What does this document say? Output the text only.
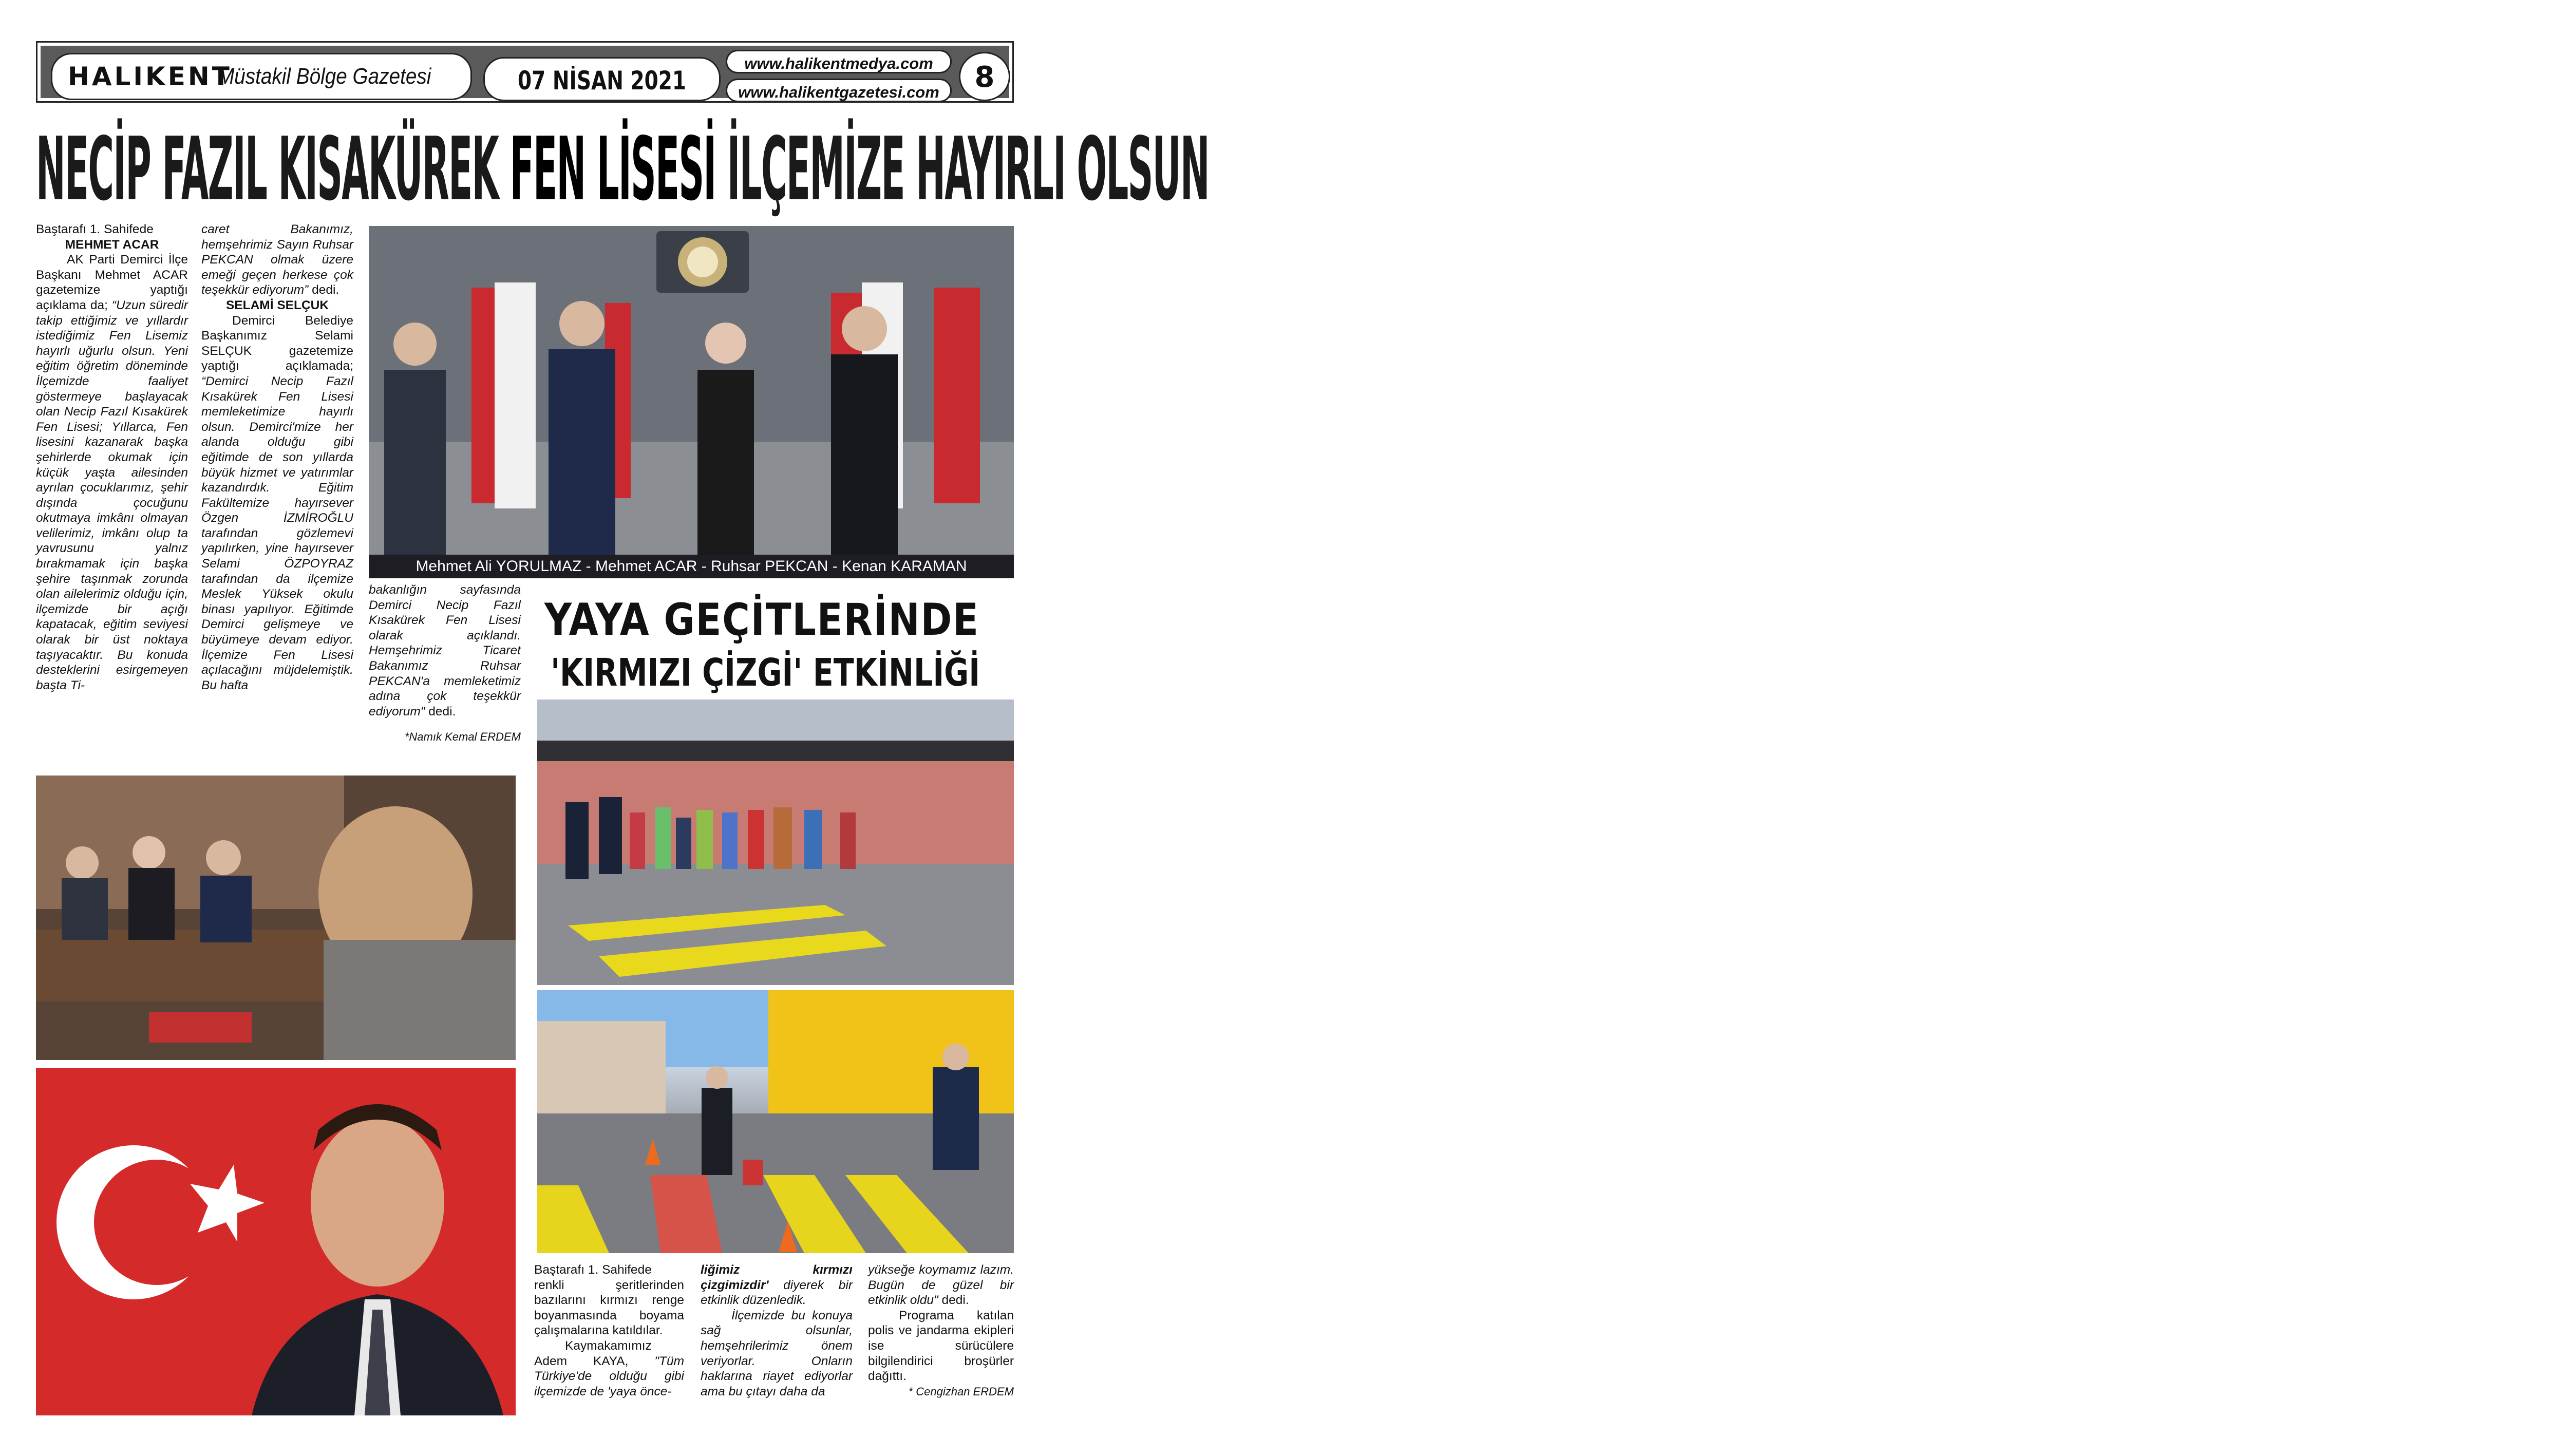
HALIKENT
Müstakil Bölge Gazetesi	07 NİSAN 2021
www.halikentmedya.com
www.halikentgazetesi.com	8
NECİP FAZIL KISAKÜREK FEN LİSESİ İLÇEMİZE HAYIRLI OLSUN

Baştarafı 1. Sahifede

MEHMET ACAR

AK Parti Demirci İlçe Başkanı Mehmet ACAR gazetemize yaptığı açıklama da; “Uzun süredir takip ettiğimiz ve yıllardır istediğimiz Fen Lisemiz hayırlı uğurlu olsun. Yeni eğitim öğretim döneminde İlçemizde faaliyet göstermeye başlayacak olan Necip Fazıl Kısakürek Fen Lisesi; Yıllarca, Fen lisesini kazanarak başka şehirlerde okumak için küçük yaşta ailesinden ayrılan çocuklarımız, şehir dışında çocuğunu okutmaya imkânı olmayan velilerimiz, imkânı olup ta yavrusunu yalnız bırakmamak için başka şehire taşınmak zorunda olan ailelerimiz olduğu için, ilçemizde bir açığı kapatacak, eğitim seviyesi olarak bir üst noktaya taşıyacaktır. Bu konuda desteklerini esirgemeyen başta Ti-

caret Bakanımız, hemşehrimiz Sayın Ruhsar PEKCAN olmak üzere emeği geçen herkese çok teşekkür ediyorum” dedi.

SELAMİ SELÇUK

Demirci Belediye Başkanımız Selami SELÇUK gazetemize yaptığı açıklamada; “Demirci Necip Fazıl Kısakürek Fen Lisesi memleketimize hayırlı olsun. Demirci'mize her alanda olduğu gibi eğitimde de son yıllarda büyük hizmet ve yatırımlar kazandırdık. Eğitim Fakültemize hayırsever Özgen İZMİROĞLU tarafından gözlemevi yapılırken, yine hayırsever Selami ÖZPOYRAZ tarafından da ilçemize Meslek Yüksek okulu binası yapılıyor. Eğitimde Demirci gelişmeye ve büyümeye devam ediyor. İlçemize Fen Lisesi açılacağını müjdelemiştik. Bu hafta

bakanlığın sayfasında Demirci Necip Fazıl Kısakürek Fen Lisesi olarak açıklandı. Hemşehrimiz Ticaret Bakanımız Ruhsar PEKCAN'a memleketimiz adına çok teşekkür ediyorum" dedi.

*Namık Kemal ERDEM

Mehmet Ali YORULMAZ - Mehmet ACAR - Ruhsar PEKCAN - Kenan KARAMAN
YAYA GEÇİTLERİNDE
'KIRMIZI ÇİZGİ' ETKİNLİĞİ

Baştarafı 1. Sahifede

renkli şeritlerinden bazılarını kırmızı renge boyanmasında boyama çalışmalarına katıldılar.

Kaymakamımız Adem KAYA, "Tüm Türkiye'de olduğu gibi ilçemizde de 'yaya önce-

liğimiz kırmızı çizgimizdir' diyerek bir etkinlik düzenledik.

İlçemizde bu konuya sağ olsunlar, hemşehrilerimiz önem veriyorlar. Onların haklarına riayet ediyorlar ama bu çıtayı daha da

yükseğe koymamız lazım. Bugün de güzel bir etkinlik oldu" dedi.

Programa katılan polis ve jandarma ekipleri ise sürücülere bilgilendirici broşürler dağıttı.

* Cengizhan ERDEM
